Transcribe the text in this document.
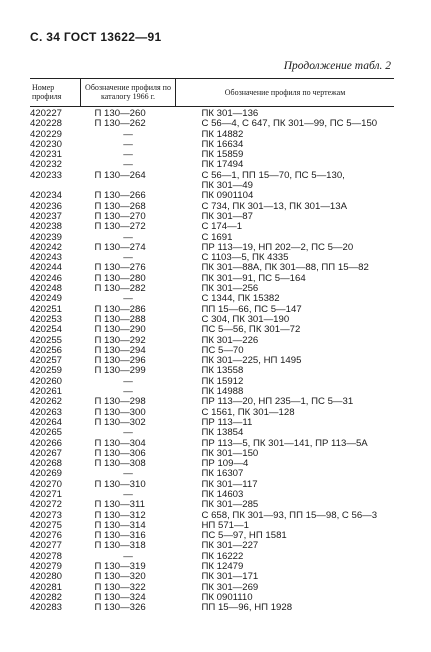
С. 34 ГОСТ 13622—91
Продолжение табл. 2
Номер профиля	Обозначение профиля по каталогу 1966 г.	Обозначение профиля по чертежам
420227	П 130—260	ПК 301—136
420228	П 130—262	С 56—4, С 647, ПК 301—99, ПС 5—150
420229	—	ПК 14882
420230	—	ПК 16634
420231	—	ПК 15859
420232	—	ПК 17494
420233	П 130—264	С 56—1, ПП 15—70, ПС 5—130,
		ПК 301—49
420234	П 130—266	ПК 0901104
420236	П 130—268	С 734, ПК 301—13, ПК 301—13А
420237	П 130—270	ПК 301—87
420238	П 130—272	С 174—1
420239	—	С 1691
420242	П 130—274	ПР 113—19, НП 202—2, ПС 5—20
420243	—	С 1103—5, ПК 4335
420244	П 130—276	ПК 301—88А, ПК 301—88, ПП 15—82
420246	П 130—280	ПК 301—91, ПС 5—164
420248	П 130—282	ПК 301—256
420249	—	С 1344, ПК 15382
420251	П 130—286	ПП 15—66, ПС 5—147
420253	П 130—288	С 304, ПК 301—190
420254	П 130—290	ПС 5—56, ПК 301—72
420255	П 130—292	ПК 301—226
420256	П 130—294	ПС 5—70
420257	П 130—296	ПК 301—225, НП 1495
420259	П 130—299	ПК 13558
420260	—	ПК 15912
420261	—	ПК 14988
420262	П 130—298	ПР 113—20, НП 235—1, ПС 5—31
420263	П 130—300	С 1561, ПК 301—128
420264	П 130—302	ПР 113—11
420265	—	ПК 13854
420266	П 130—304	ПР 113—5, ПК 301—141, ПР 113—5А
420267	П 130—306	ПК 301—150
420268	П 130—308	ПР 109—4
420269	—	ПК 16307
420270	П 130—310	ПК 301—117
420271	—	ПК 14603
420272	П 130—311	ПК 301—285
420273	П 130—312	С 658, ПК 301—93, ПП 15—98, С 56—3
420275	П 130—314	НП 571—1
420276	П 130—316	ПС 5—97, НП 1581
420277	П 130—318	ПК 301—227
420278	—	ПК 16222
420279	П 130—319	ПК 12479
420280	П 130—320	ПК 301—171
420281	П 130—322	ПК 301—269
420282	П 130—324	ПК 0901110
420283	П 130—326	ПП 15—96, НП 1928
